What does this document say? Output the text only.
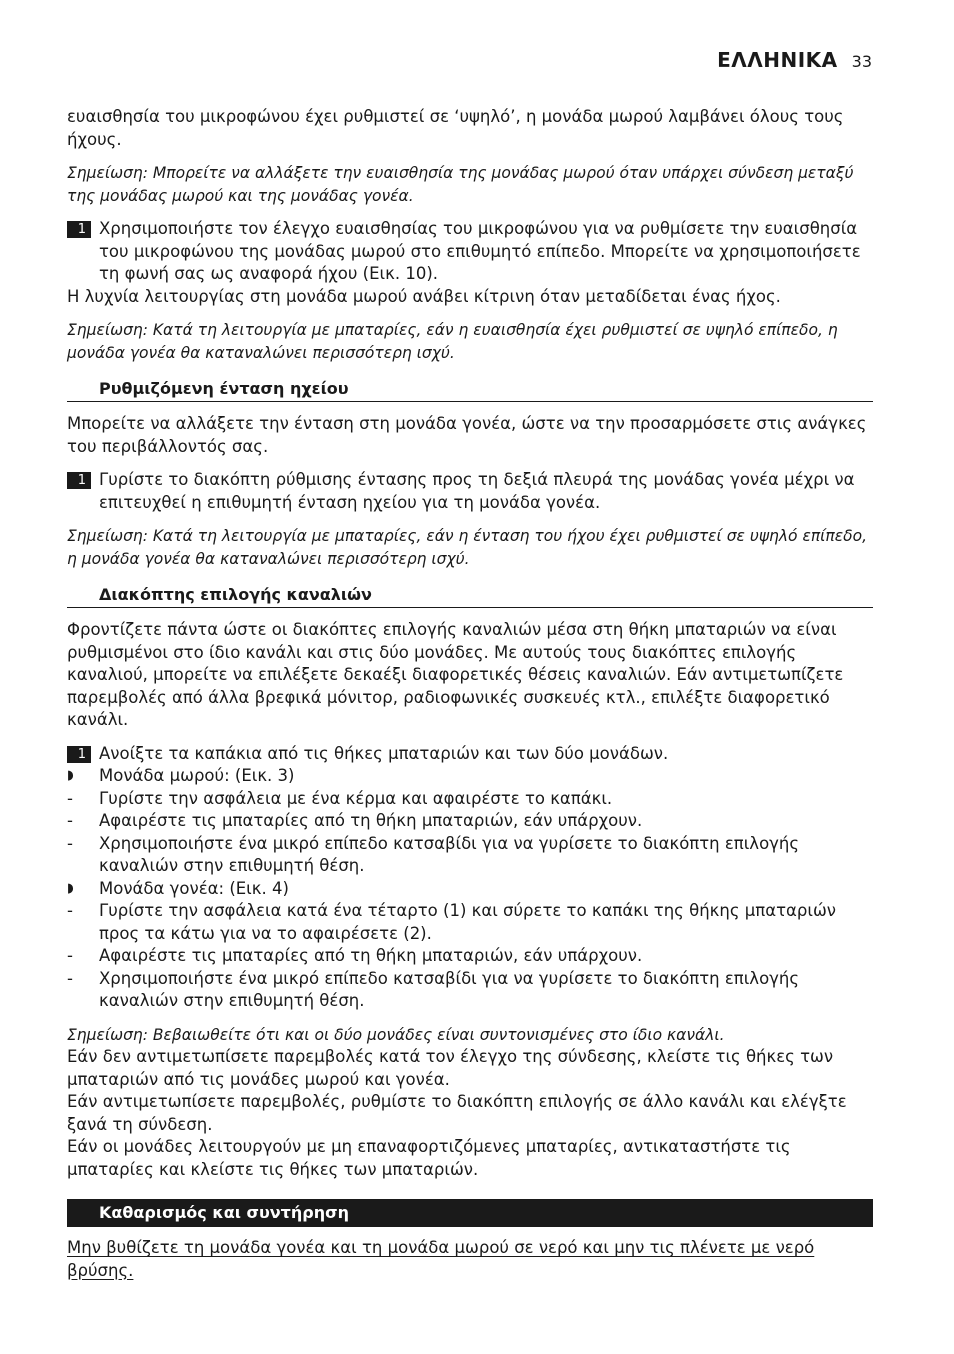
ΕΛΛΗΝΙΚΑ 33

ευαισθησία του μικροφώνου έχει ρυθμιστεί σε ‘υψηλό’, η μονάδα μωρού λαμβάνει όλους τους ήχους.

Σημείωση: Μπορείτε να αλλάξετε την ευαισθησία της μονάδας μωρού όταν υπάρχει σύνδεση μεταξύ της μονάδας μωρού και της μονάδας γονέα.

1 Χρησιμοποιήστε τον έλεγχο ευαισθησίας του μικροφώνου για να ρυθμίσετε την ευαισθησία του μικροφώνου της μονάδας μωρού στο επιθυμητό επίπεδο. Μπορείτε να χρησιμοποιήσετε τη φωνή σας ως αναφορά ήχου (Εικ. 10).

Η λυχνία λειτουργίας στη μονάδα μωρού ανάβει κίτρινη όταν μεταδίδεται ένας ήχος.

Σημείωση: Κατά τη λειτουργία με μπαταρίες, εάν η ευαισθησία έχει ρυθμιστεί σε υψηλό επίπεδο, η μονάδα γονέα θα καταναλώνει περισσότερη ισχύ.

Ρυθμιζόμενη ένταση ηχείου

Μπορείτε να αλλάξετε την ένταση στη μονάδα γονέα, ώστε να την προσαρμόσετε στις ανάγκες του περιβάλλοντός σας.

1 Γυρίστε το διακόπτη ρύθμισης έντασης προς τη δεξιά πλευρά της μονάδας γονέα μέχρι να επιτευχθεί η επιθυμητή ένταση ηχείου για τη μονάδα γονέα.

Σημείωση: Κατά τη λειτουργία με μπαταρίες, εάν η ένταση του ήχου έχει ρυθμιστεί σε υψηλό επίπεδο, η μονάδα γονέα θα καταναλώνει περισσότερη ισχύ.

Διακόπτης επιλογής καναλιών

Φροντίζετε πάντα ώστε οι διακόπτες επιλογής καναλιών μέσα στη θήκη μπαταριών να είναι ρυθμισμένοι στο ίδιο κανάλι και στις δύο μονάδες. Με αυτούς τους διακόπτες επιλογής καναλιού, μπορείτε να επιλέξετε δεκαέξι διαφορετικές θέσεις καναλιών. Εάν αντιμετωπίζετε παρεμβολές από άλλα βρεφικά μόνιτορ, ραδιοφωνικές συσκευές κτλ., επιλέξτε διαφορετικό κανάλι.

1 Ανοίξτε τα καπάκια από τις θήκες μπαταριών και των δύο μονάδων.
◗ Μονάδα μωρού: (Εικ. 3)
- Γυρίστε την ασφάλεια με ένα κέρμα και αφαιρέστε το καπάκι.
- Αφαιρέστε τις μπαταρίες από τη θήκη μπαταριών, εάν υπάρχουν.
- Χρησιμοποιήστε ένα μικρό επίπεδο κατσαβίδι για να γυρίσετε το διακόπτη επιλογής καναλιών στην επιθυμητή θέση.
◗ Μονάδα γονέα: (Εικ. 4)
- Γυρίστε την ασφάλεια κατά ένα τέταρτο (1) και σύρετε το καπάκι της θήκης μπαταριών προς τα κάτω για να το αφαιρέσετε (2).
- Αφαιρέστε τις μπαταρίες από τη θήκη μπαταριών, εάν υπάρχουν.
- Χρησιμοποιήστε ένα μικρό επίπεδο κατσαβίδι για να γυρίσετε το διακόπτη επιλογής καναλιών στην επιθυμητή θέση.

Σημείωση: Βεβαιωθείτε ότι και οι δύο μονάδες είναι συντονισμένες στο ίδιο κανάλι.

Εάν δεν αντιμετωπίσετε παρεμβολές κατά τον έλεγχο της σύνδεσης, κλείστε τις θήκες των μπαταριών από τις μονάδες μωρού και γονέα.

Εάν αντιμετωπίσετε παρεμβολές, ρυθμίστε το διακόπτη επιλογής σε άλλο κανάλι και ελέγξτε ξανά τη σύνδεση.

Εάν οι μονάδες λειτουργούν με μη επαναφορτιζόμενες μπαταρίες, αντικαταστήστε τις μπαταρίες και κλείστε τις θήκες των μπαταριών.

Καθαρισμός και συντήρηση

Μην βυθίζετε τη μονάδα γονέα και τη μονάδα μωρού σε νερό και μην τις πλένετε με νερό βρύσης.
